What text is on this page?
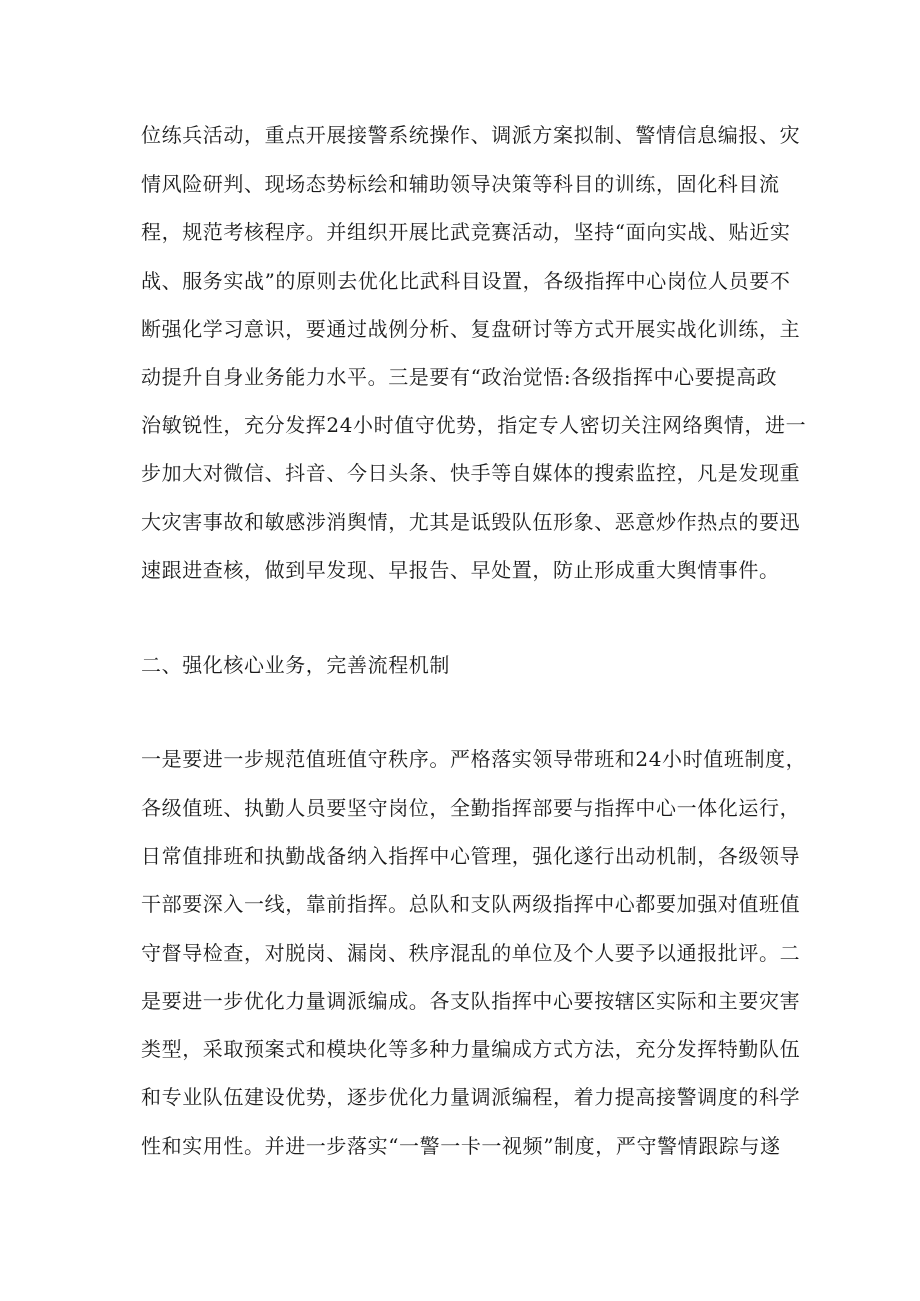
位练兵活动，重点开展接警系统操作、调派方案拟制、警情信息编报、灾
情风险研判、现场态势标绘和辅助领导决策等科目的训练，固化科目流
程，规范考核程序。并组织开展比武竞赛活动，坚持“面向实战、贴近实
战、服务实战”的原则去优化比武科目设置，各级指挥中心岗位人员要不
断强化学习意识，要通过战例分析、复盘研讨等方式开展实战化训练，主
动提升自身业务能力水平。三是要有“政治觉悟:各级指挥中心要提高政
治敏锐性，充分发挥24小时值守优势，指定专人密切关注网络舆情，进一
步加大对微信、抖音、今日头条、快手等自媒体的搜索监控，凡是发现重
大灾害事故和敏感涉消舆情，尤其是诋毁队伍形象、恶意炒作热点的要迅
速跟进查核，做到早发现、早报告、早处置，防止形成重大舆情事件。
二、强化核心业务，完善流程机制
一是要进一步规范值班值守秩序。严格落实领导带班和24小时值班制度，
各级值班、执勤人员要坚守岗位，全勤指挥部要与指挥中心一体化运行，
日常值排班和执勤战备纳入指挥中心管理，强化遂行出动机制，各级领导
干部要深入一线，靠前指挥。总队和支队两级指挥中心都要加强对值班值
守督导检查，对脱岗、漏岗、秩序混乱的单位及个人要予以通报批评。二
是要进一步优化力量调派编成。各支队指挥中心要按辖区实际和主要灾害
类型，采取预案式和模块化等多种力量编成方式方法，充分发挥特勤队伍
和专业队伍建设优势，逐步优化力量调派编程，着力提高接警调度的科学
性和实用性。并进一步落实“一警一卡一视频”制度，严守警情跟踪与遂
